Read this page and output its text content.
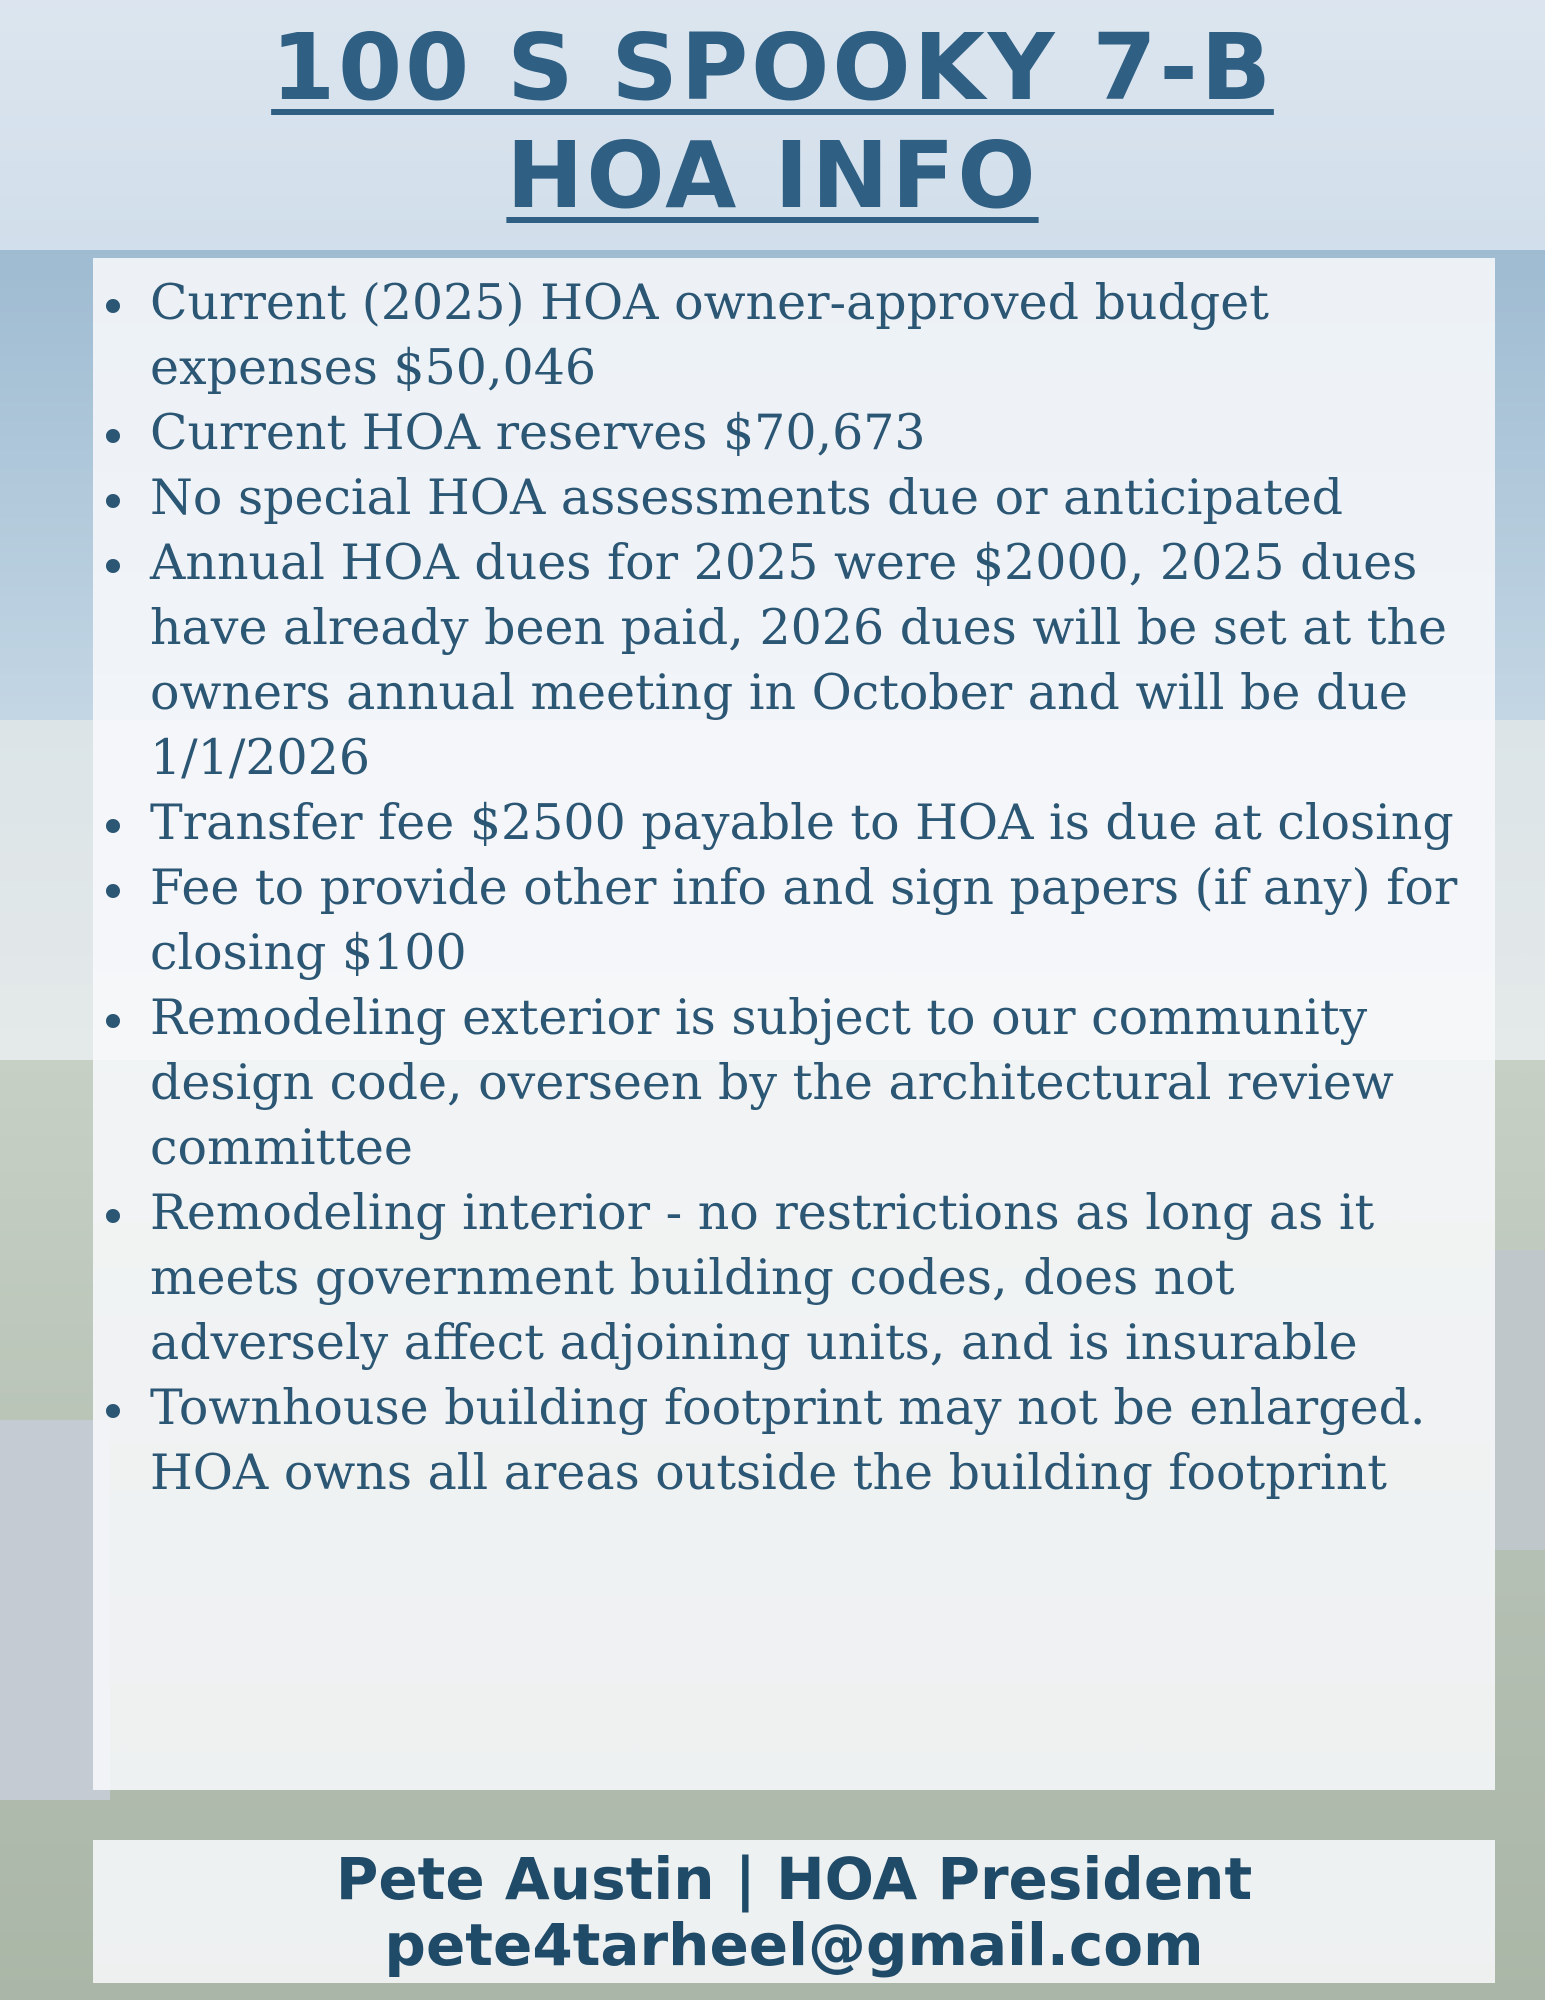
100 S SPOOKY 7-B
HOA INFO
Current (2025) HOA owner-approved budget expenses $50,046
Current HOA reserves $70,673
No special HOA assessments due or anticipated
Annual HOA dues for 2025 were $2000, 2025 dues have already been paid, 2026 dues will be set at the owners annual meeting in October and will be due 1/1/2026
Transfer fee $2500 payable to HOA is due at closing
Fee to provide other info and sign papers (if any) for closing $100
Remodeling exterior is subject to our community design code, overseen by the architectural review committee
Remodeling interior - no restrictions as long as it meets government building codes, does not adversely affect adjoining units, and is insurable
Townhouse building footprint may not be enlarged. HOA owns all areas outside the building footprint
Pete Austin | HOA President
pete4tarheel@gmail.com
